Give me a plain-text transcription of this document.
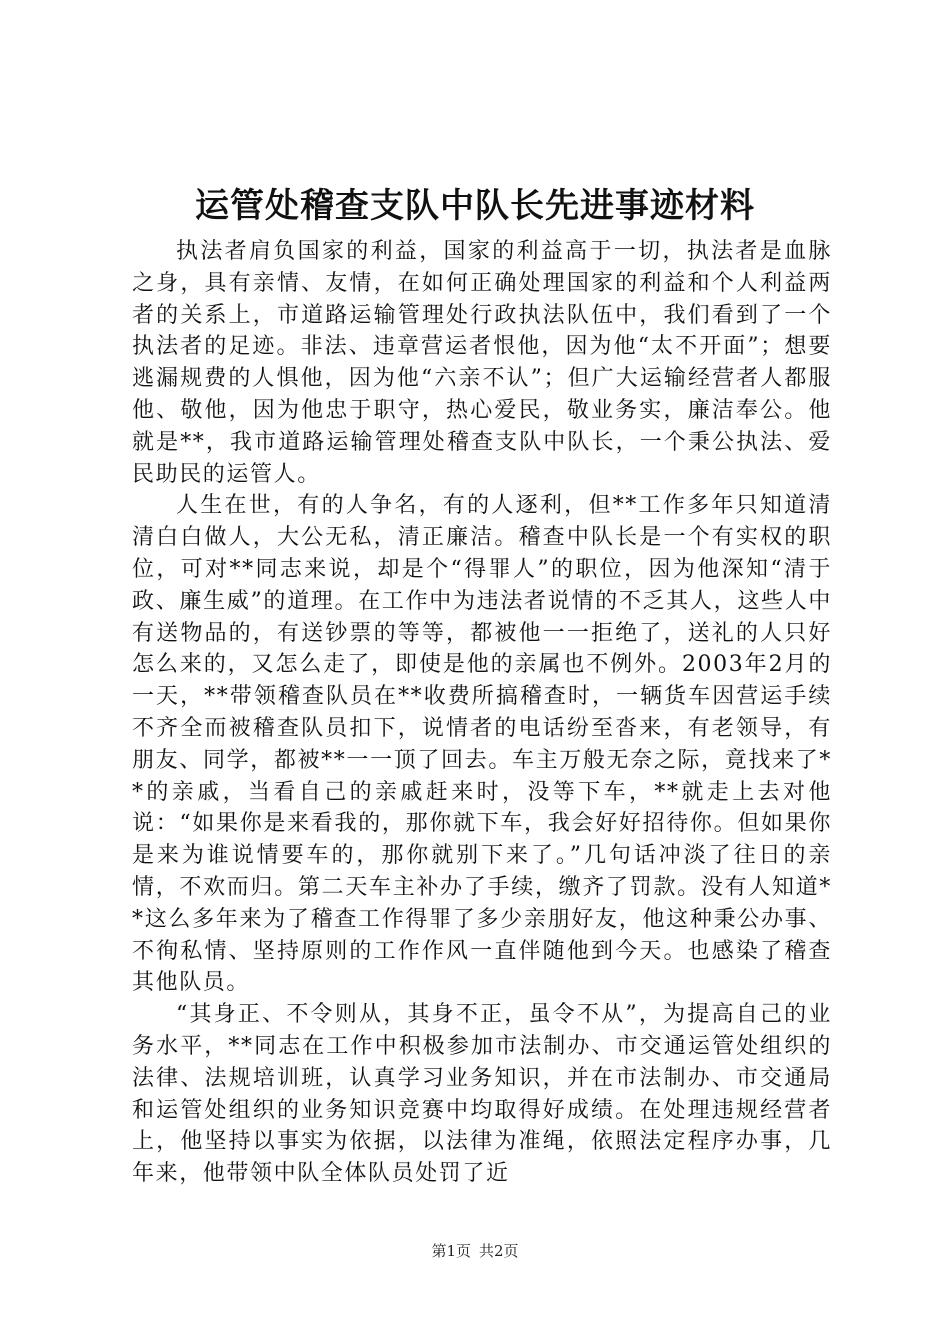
运管处稽查支队中队长先进事迹材料

执法者肩负国家的利益，国家的利益高于一切，执法者是血脉之身，具有亲情、友情，在如何正确处理国家的利益和个人利益两者的关系上，市道路运输管理处行政执法队伍中，我们看到了一个执法者的足迹。非法、违章营运者恨他，因为他“太不开面”；想要逃漏规费的人惧他，因为他“六亲不认”；但广大运输经营者人都服他、敬他，因为他忠于职守，热心爱民，敬业务实，廉洁奉公。他就是**，我市道路运输管理处稽查支队中队长，一个秉公执法、爱民助民的运管人。

人生在世，有的人争名，有的人逐利，但**工作多年只知道清清白白做人，大公无私，清正廉洁。稽查中队长是一个有实权的职位，可对**同志来说，却是个“得罪人”的职位，因为他深知“清于政、廉生威”的道理。在工作中为违法者说情的不乏其人，这些人中有送物品的，有送钞票的等等，都被他一一拒绝了，送礼的人只好怎么来的，又怎么走了，即使是他的亲属也不例外。2003年2月的一天，**带领稽查队员在**收费所搞稽查时，一辆货车因营运手续不齐全而被稽查队员扣下，说情者的电话纷至沓来，有老领导，有朋友、同学，都被**一一顶了回去。车主万般无奈之际，竟找来了**的亲戚，当看自己的亲戚赶来时，没等下车，**就走上去对他说：“如果你是来看我的，那你就下车，我会好好招待你。但如果你是来为谁说情要车的，那你就别下来了。”几句话冲淡了往日的亲情，不欢而归。第二天车主补办了手续，缴齐了罚款。没有人知道**这么多年来为了稽查工作得罪了多少亲朋好友，他这种秉公办事、不徇私情、坚持原则的工作作风一直伴随他到今天。也感染了稽查其他队员。

“其身正、不令则从，其身不正，虽令不从”，为提高自己的业务水平，**同志在工作中积极参加市法制办、市交通运管处组织的法律、法规培训班，认真学习业务知识，并在市法制办、市交通局和运管处组织的业务知识竞赛中均取得好成绩。在处理违规经营者上，他坚持以事实为依据，以法律为准绳，依照法定程序办事，几年来，他带领中队全体队员处罚了近

第1页 共2页
